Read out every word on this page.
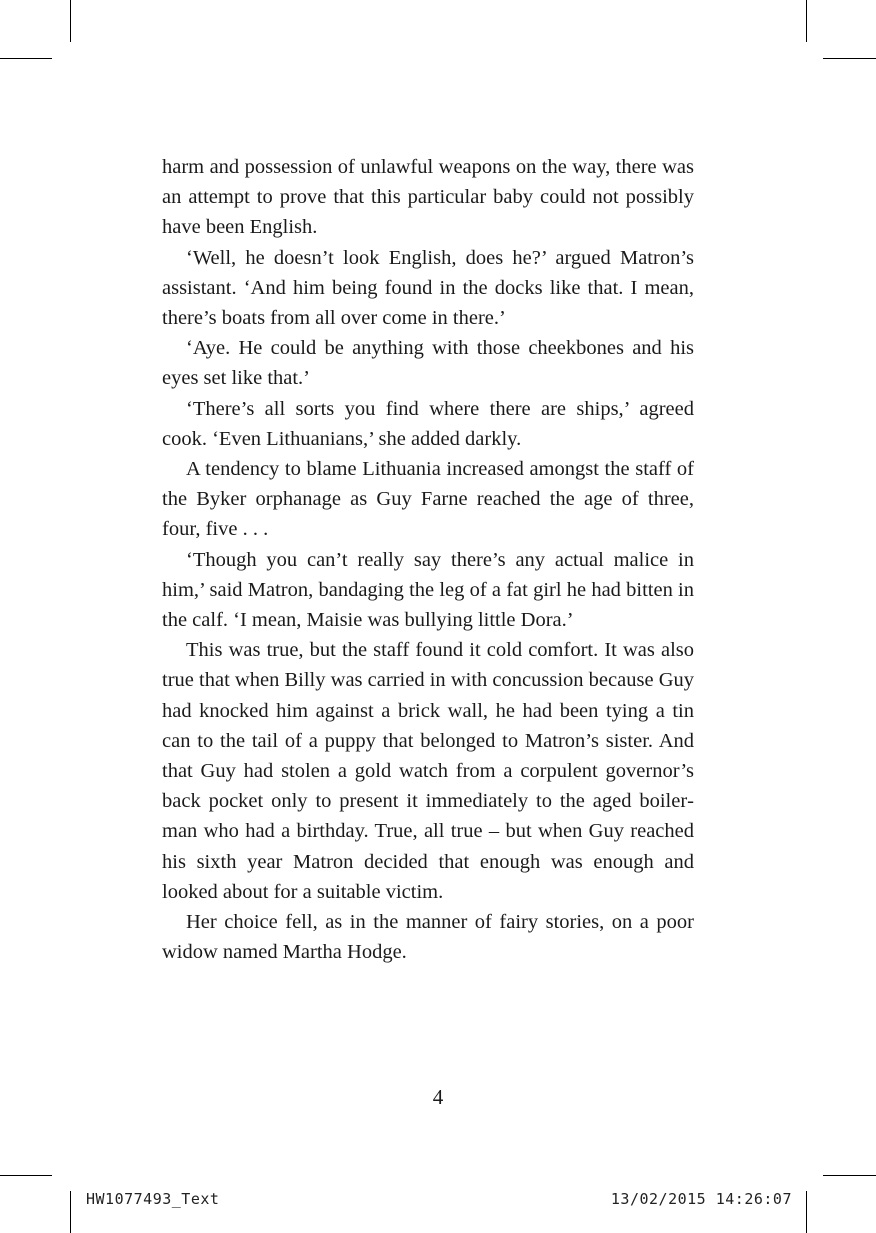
harm and possession of unlawful weapons on the way, there was an attempt to prove that this particular baby could not possibly have been English.

‘Well, he doesn’t look English, does he?’ argued Matron’s assistant. ‘And him being found in the docks like that. I mean, there’s boats from all over come in there.’

‘Aye. He could be anything with those cheekbones and his eyes set like that.’

‘There’s all sorts you find where there are ships,’ agreed cook. ‘Even Lithuanians,’ she added darkly.

A tendency to blame Lithuania increased amongst the staff of the Byker orphanage as Guy Farne reached the age of three, four, five . . .

‘Though you can’t really say there’s any actual malice in him,’ said Matron, bandaging the leg of a fat girl he had bitten in the calf. ‘I mean, Maisie was bullying little Dora.’

This was true, but the staff found it cold comfort. It was also true that when Billy was carried in with concussion because Guy had knocked him against a brick wall, he had been tying a tin can to the tail of a puppy that belonged to Matron’s sister. And that Guy had stolen a gold watch from a corpulent governor’s back pocket only to present it immediately to the aged boilerman who had a birthday. True, all true – but when Guy reached his sixth year Matron decided that enough was enough and looked about for a suitable victim.

Her choice fell, as in the manner of fairy stories, on a poor widow named Martha Hodge.

4
HW1077493_Text	13/02/2015 14:26:07
